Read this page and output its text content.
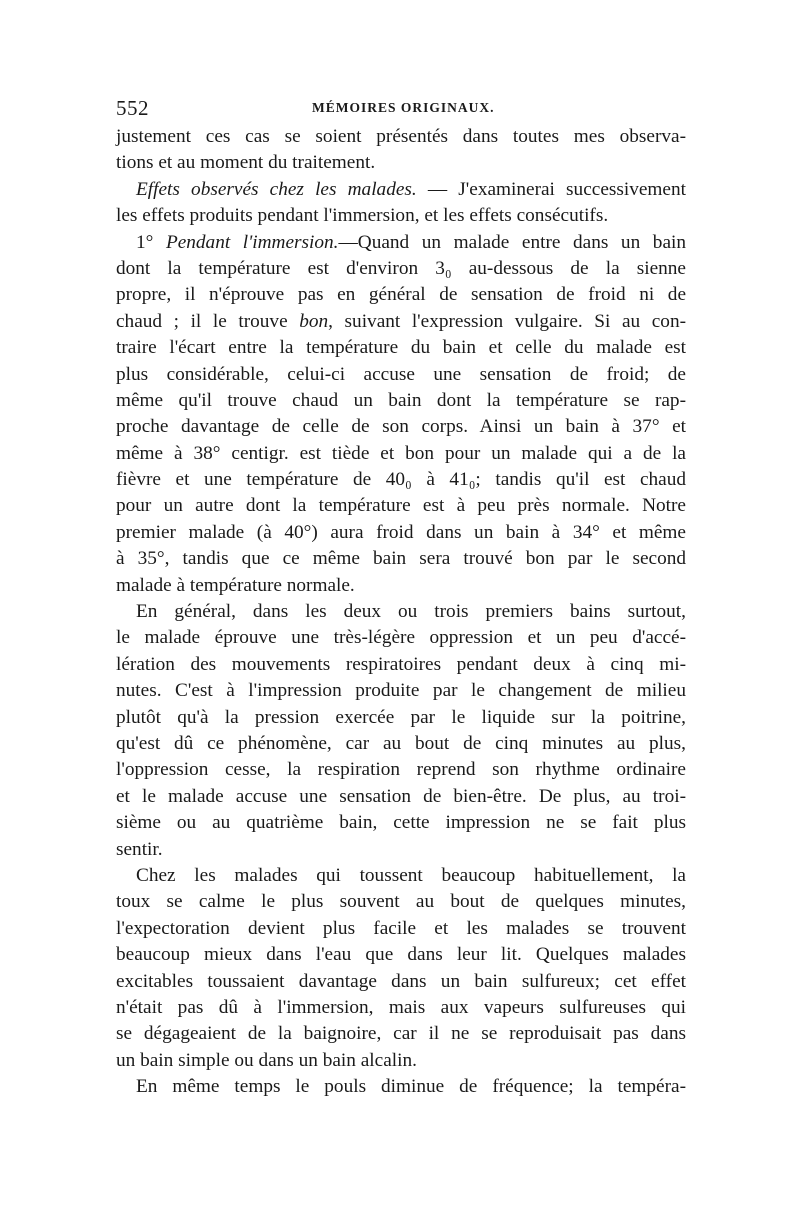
552	MÉMOIRES ORIGINAUX.
justement ces cas se soient présentés dans toutes mes observa-
tions et au moment du traitement.
Effets observés chez les malades. — J'examinerai successivement
les effets produits pendant l'immersion, et les effets consécutifs.
1° Pendant l'immersion.—Quand un malade entre dans un bain
dont la température est d'environ 3₀ au-dessous de la sienne
propre, il n'éprouve pas en général de sensation de froid ni de
chaud ; il le trouve bon, suivant l'expression vulgaire. Si au con-
traire l'écart entre la température du bain et celle du malade est
plus considérable, celui-ci accuse une sensation de froid; de
même qu'il trouve chaud un bain dont la température se rap-
proche davantage de celle de son corps. Ainsi un bain à 37° et
même à 38° centigr. est tiède et bon pour un malade qui a de la
fièvre et une température de 40₀ à 41₀; tandis qu'il est chaud
pour un autre dont la température est à peu près normale. Notre
premier malade (à 40°) aura froid dans un bain à 34° et même
à 35°, tandis que ce même bain sera trouvé bon par le second
malade à température normale.
En général, dans les deux ou trois premiers bains surtout,
le malade éprouve une très-légère oppression et un peu d'accé-
lération des mouvements respiratoires pendant deux à cinq mi-
nutes. C'est à l'impression produite par le changement de milieu
plutôt qu'à la pression exercée par le liquide sur la poitrine,
qu'est dû ce phénomène, car au bout de cinq minutes au plus,
l'oppression cesse, la respiration reprend son rhythme ordinaire
et le malade accuse une sensation de bien-être. De plus, au troi-
sième ou au quatrième bain, cette impression ne se fait plus
sentir.
Chez les malades qui toussent beaucoup habituellement, la
toux se calme le plus souvent au bout de quelques minutes,
l'expectoration devient plus facile et les malades se trouvent
beaucoup mieux dans l'eau que dans leur lit. Quelques malades
excitables toussaient davantage dans un bain sulfureux; cet effet
n'était pas dû à l'immersion, mais aux vapeurs sulfureuses qui
se dégageaient de la baignoire, car il ne se reproduisait pas dans
un bain simple ou dans un bain alcalin.
En même temps le pouls diminue de fréquence; la tempéra-
